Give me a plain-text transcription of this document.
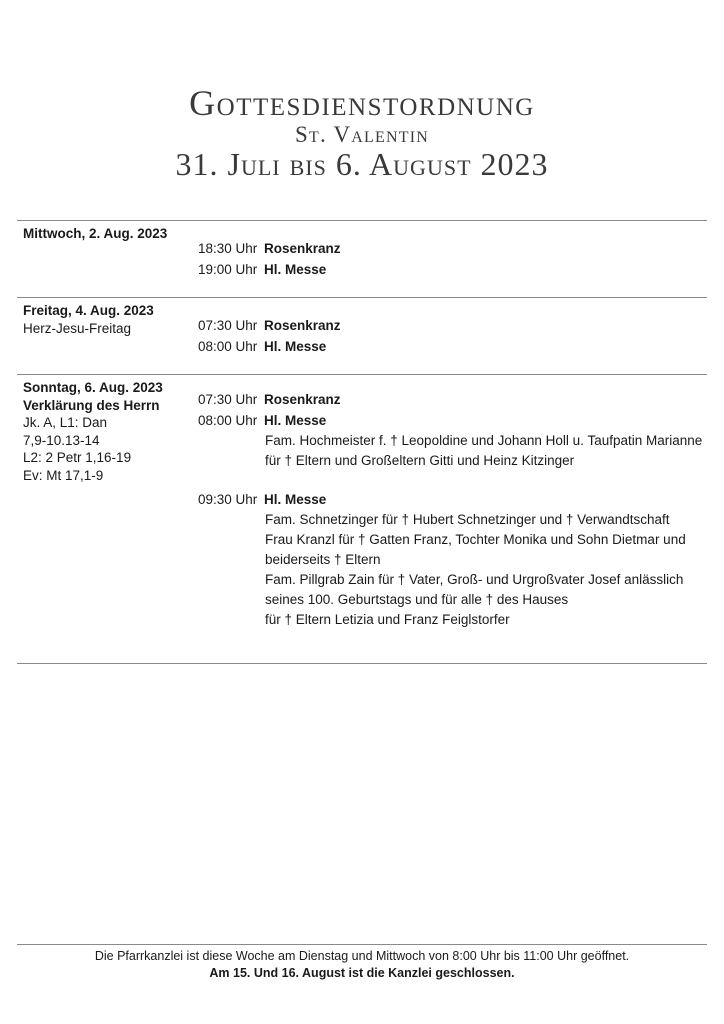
Gottesdienstordnung
St. Valentin
31. Juli bis 6. August 2023
Mittwoch, 2. Aug. 2023
18:30 Uhr Rosenkranz
19:00 Uhr Hl. Messe
Freitag, 4. Aug. 2023
Herz-Jesu-Freitag	07:30 Uhr Rosenkranz
08:00 Uhr Hl. Messe
Sonntag, 6. Aug. 2023
Verklärung des Herrn
Jk. A, L1: Dan
7,9-10.13-14
L2: 2 Petr 1,16-19
Ev: Mt 17,1-9
07:30 Uhr Rosenkranz
08:00 Uhr Hl. Messe
Fam. Hochmeister f. † Leopoldine und Johann Holl u. Taufpatin Marianne
für † Eltern und Großeltern Gitti und Heinz Kitzinger
09:30 Uhr Hl. Messe
Fam. Schnetzinger für † Hubert Schnetzinger und † Verwandtschaft
Frau Kranzl für † Gatten Franz, Tochter Monika und Sohn Dietmar und beiderseits † Eltern
Fam. Pillgrab Zain für † Vater, Groß- und Urgroßvater Josef anlässlich seines 100. Geburtstags und für alle † des Hauses
für † Eltern Letizia und Franz Feiglstorfer
Die Pfarrkanzlei ist diese Woche am Dienstag und Mittwoch von 8:00 Uhr bis 11:00 Uhr geöffnet.
Am 15. Und 16. August ist die Kanzlei geschlossen.
